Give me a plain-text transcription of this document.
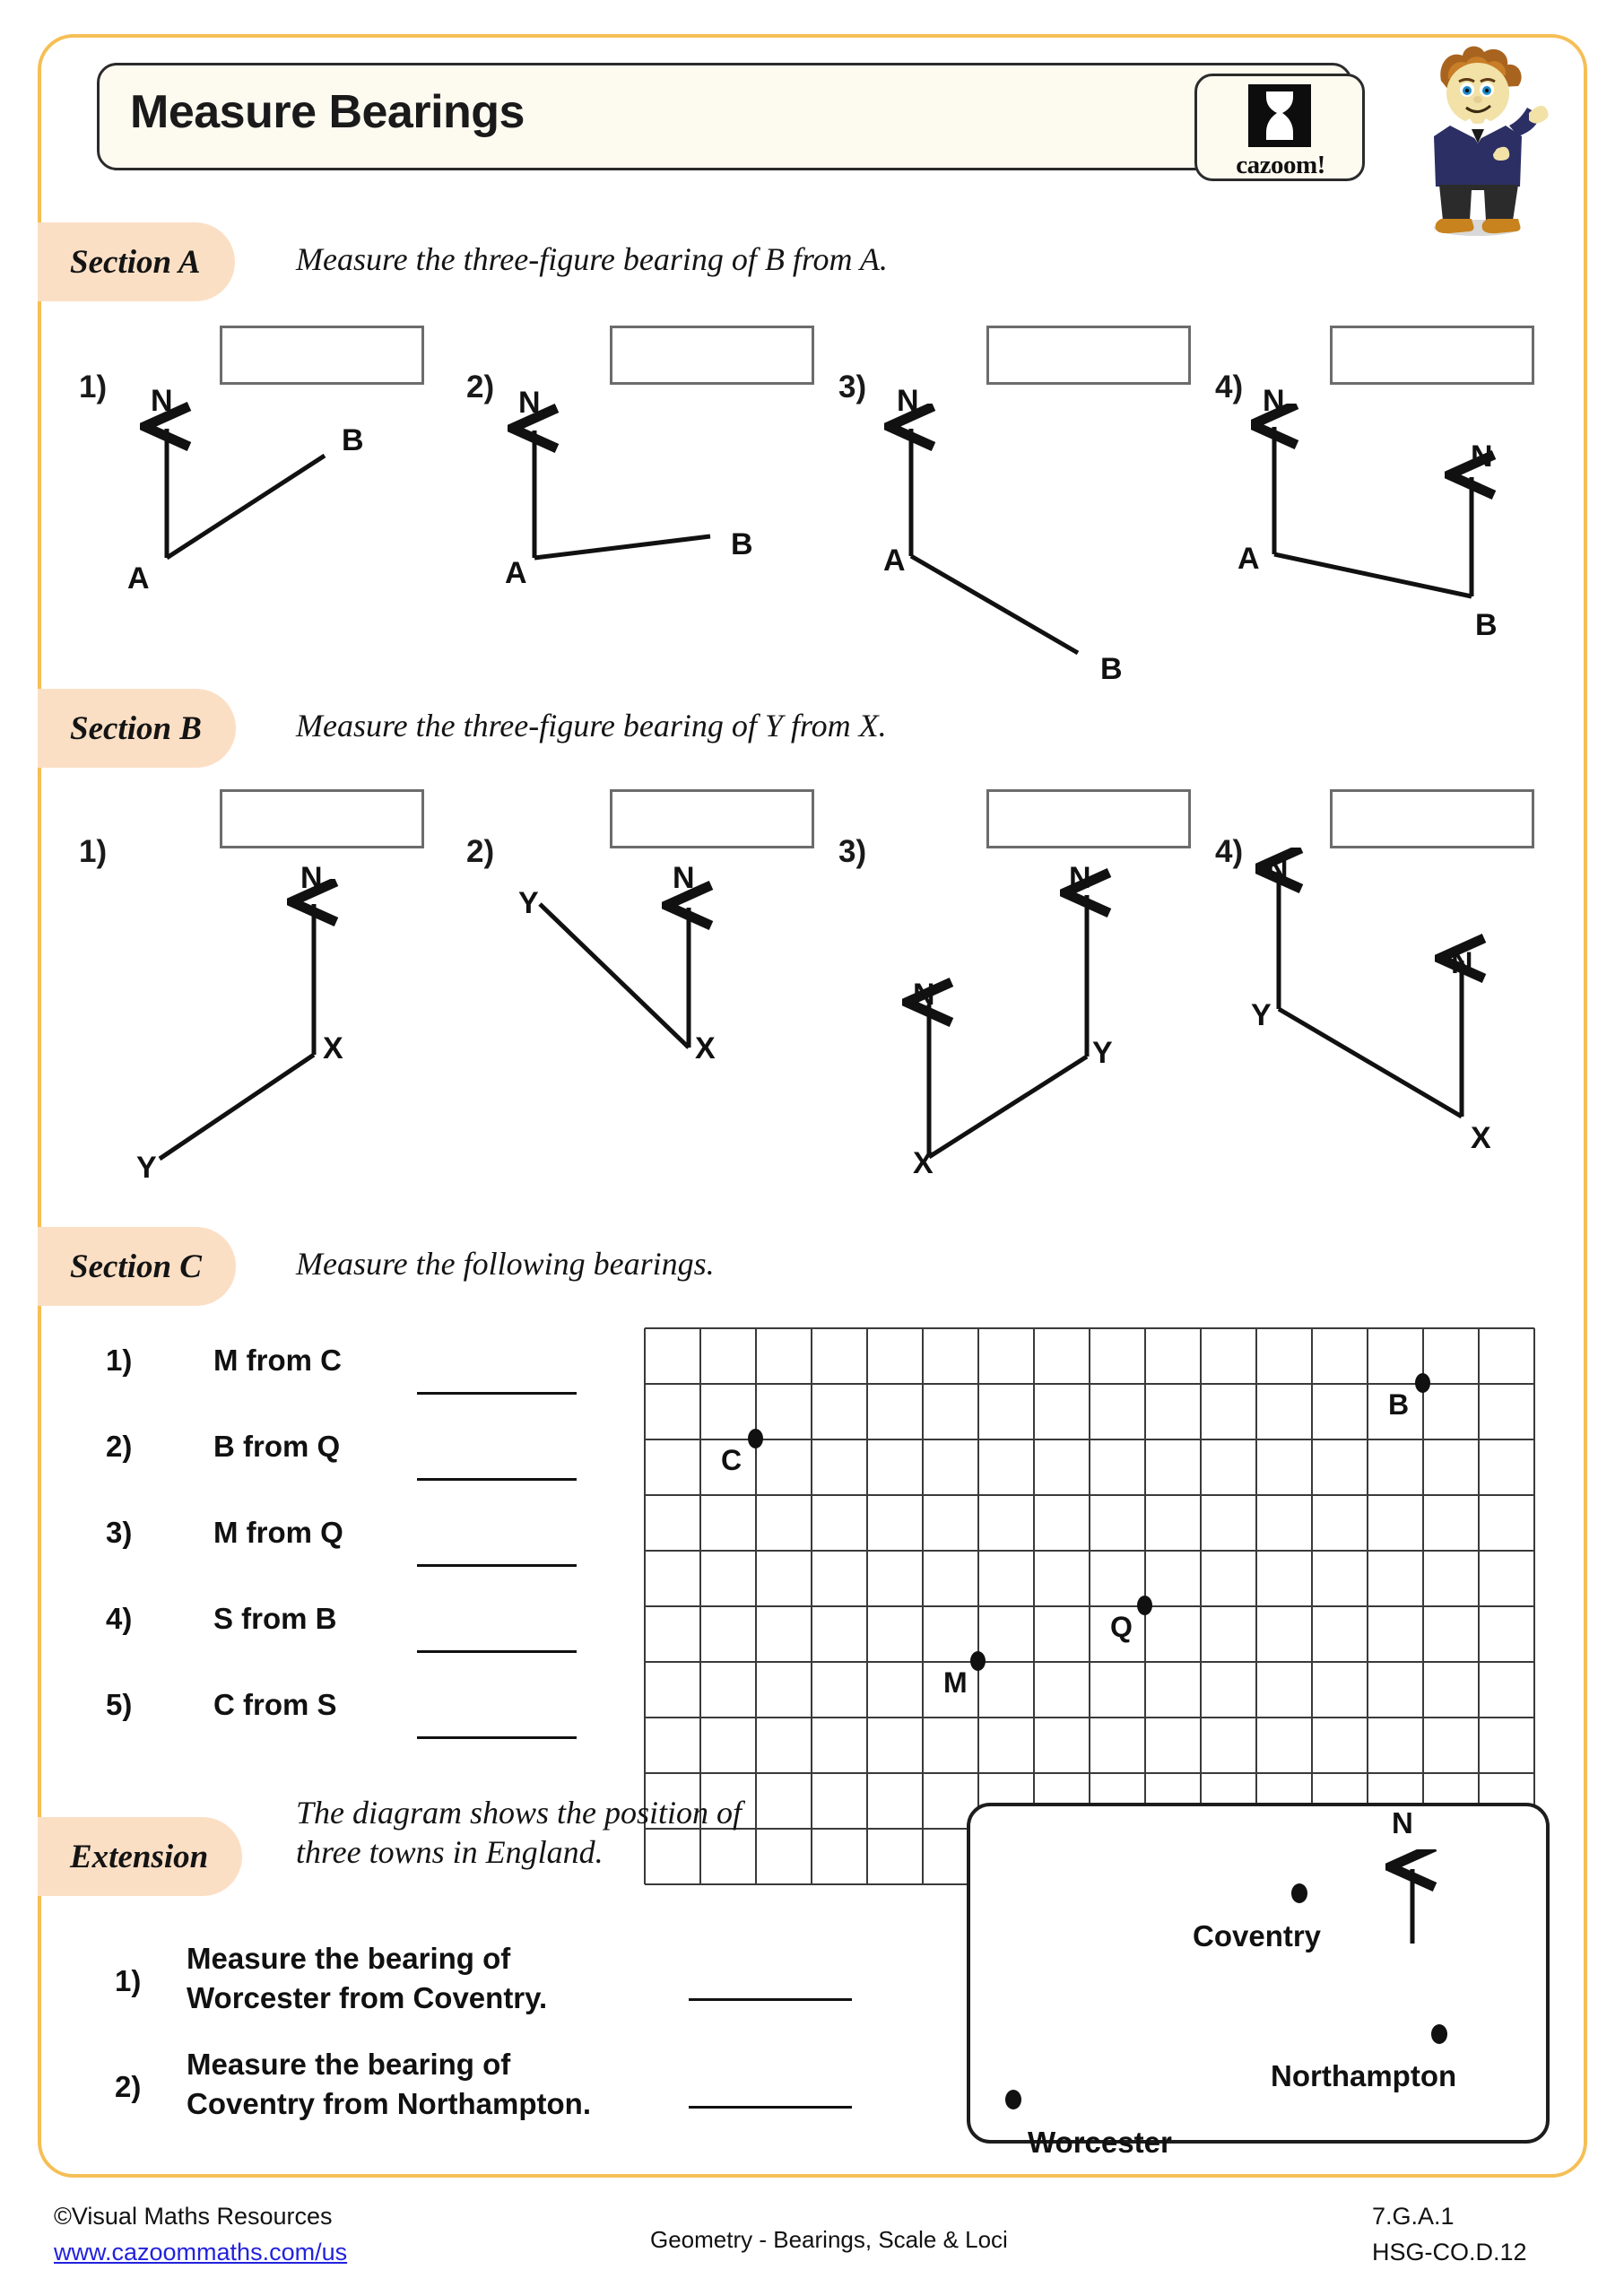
Measure Bearings
cazoom!
Section A	Measure the three-figure bearing of B from A.
1)	2)	3)	4)
N
A
B
N
A
B
N
A
B
N
A
N
B
Section B	Measure the three-figure bearing of Y from X.
1)	2)	3)	4)
N
X
Y
N
X
Y
N
N
X
Y
N
N
Y
X
Section C	Measure the following bearings.
1)	M from C
2)	B from Q
3)	M from Q
4)	S from B
5)	C from S
C
B
Q
M
Extension
The diagram shows the position of
three towns in England.
1)
Measure the bearing of
Worcester from Coventry.
2)
Measure the bearing of
Coventry from Northampton.
N
Coventry
Northampton
Worcester
©Visual Maths Resources
www.cazoommaths.com/us	Geometry - Bearings, Scale & Loci
7.G.A.1
HSG-CO.D.12
